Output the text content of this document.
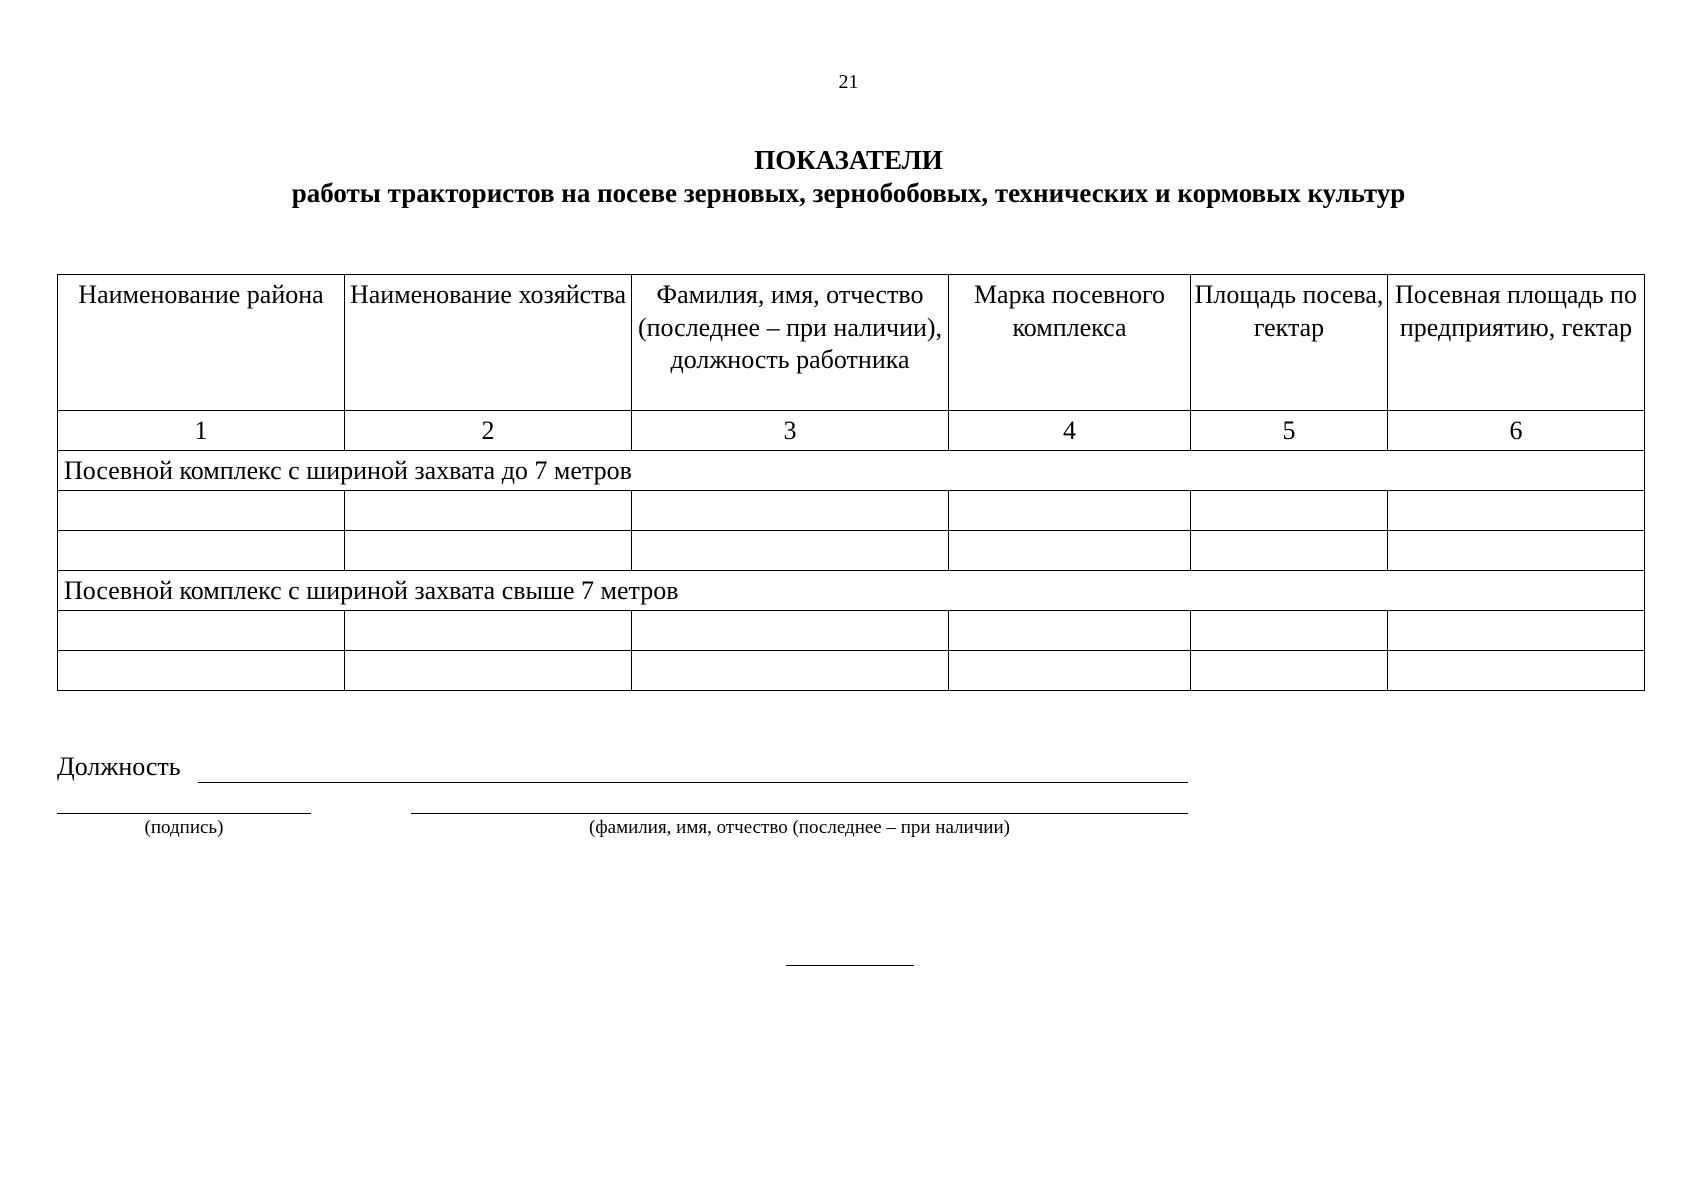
21
ПОКАЗАТЕЛИ
работы трактористов на посеве зерновых, зернобобовых, технических и кормовых культур
Наименование района	Наименование хозяйства	Фамилия, имя, отчество (последнее – при наличии), должность работника	Марка посевного комплекса	Площадь посева, гектар	Посевная площадь по предприятию, гектар
1	2	3	4	5	6
Посевной комплекс с шириной захвата до 7 метров					

Посевной комплекс с шириной захвата свыше 7 метров					

Должность
(подпись)	(фамилия, имя, отчество (последнее – при наличии)
